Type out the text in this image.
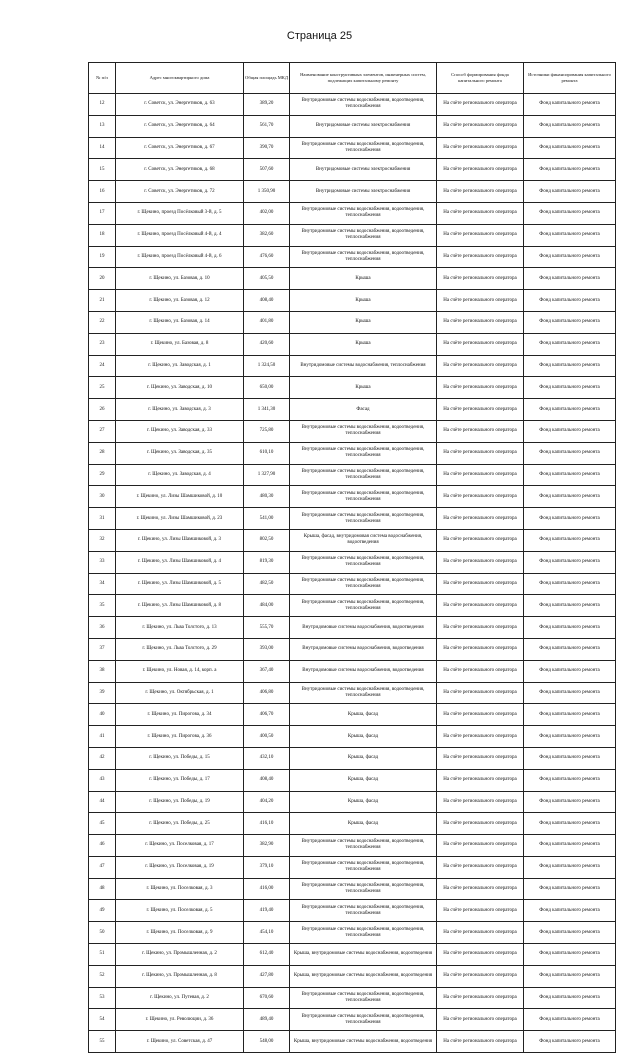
Страница 25
№ п/п	Адрес многоквартирного дома	Общая площадь МКД	Наименование конструктивных элементов, инженерных систем, подлежащих капитальному ремонту	Способ формирования фонда капитального ремонта	Источники финансирования капитального ремонта
12	г. Советск, ул. Энергетиков, д. 63	389,20	Внутридомовые системы водоснабжения, водоотведения, теплоснабжения	На счёте регионального оператора	Фонд капитального ремонта
13	г. Советск, ул. Энергетиков, д. 64	561,70	Внутридомовые системы электроснабжения	На счёте регионального оператора	Фонд капитального ремонта
14	г. Советск, ул. Энергетиков, д. 67	390,70	Внутридомовые системы водоснабжения, водоотведения, теплоснабжения	На счёте регионального оператора	Фонд капитального ремонта
15	г. Советск, ул. Энергетиков, д. 68	507,60	Внутридомовые системы электроснабжения	На счёте регионального оператора	Фонд капитального ремонта
16	г. Советск, ул. Энергетиков, д. 72	1 350,90	Внутридомовые системы электроснабжения	На счёте регионального оператора	Фонд капитального ремонта
17	г. Щекино, проезд Посёлковый 3-й, д. 5	402,00	Внутридомовые системы водоснабжения, водоотведения, теплоснабжения	На счёте регионального оператора	Фонд капитального ремонта
18	г. Щекино, проезд Посёлковый 4-й, д. 4	382,60	Внутридомовые системы водоснабжения, водоотведения, теплоснабжения	На счёте регионального оператора	Фонд капитального ремонта
19	г. Щекино, проезд Посёлковый 4-й, д. 6	476,60	Внутридомовые системы водоснабжения, водоотведения, теплоснабжения	На счёте регионального оператора	Фонд капитального ремонта
20	г. Щекино, ул. Базовая, д. 10	405,50	Крыша	На счёте регионального оператора	Фонд капитального ремонта
21	г. Щекино, ул. Базовая, д. 12	408,40	Крыша	На счёте регионального оператора	Фонд капитального ремонта
22	г. Щекино, ул. Базовая, д. 14	401,80	Крыша	На счёте регионального оператора	Фонд капитального ремонта
23	г. Щекино, ул. Базовая, д. 8	420,60	Крыша	На счёте регионального оператора	Фонд капитального ремонта
24	г. Щекино, ул. Заводская, д. 1	1 324,50	Внутридомовые системы водоснабжения, теплоснабжения	На счёте регионального оператора	Фонд капитального ремонта
25	г. Щекино, ул. Заводская, д. 10	650,00	Крыша	На счёте регионального оператора	Фонд капитального ремонта
26	г. Щекино, ул. Заводская, д. 3	1 341,30	Фасад	На счёте регионального оператора	Фонд капитального ремонта
27	г. Щекино, ул. Заводская, д. 33	725,80	Внутридомовые системы водоснабжения, водоотведения, теплоснабжения	На счёте регионального оператора	Фонд капитального ремонта
28	г. Щекино, ул. Заводская, д. 35	610,10	Внутридомовые системы водоснабжения, водоотведения, теплоснабжения	На счёте регионального оператора	Фонд капитального ремонта
29	г. Щекино, ул. Заводская, д. 4	1 327,90	Внутридомовые системы водоснабжения, водоотведения, теплоснабжения	На счёте регионального оператора	Фонд капитального ремонта
30	г. Щекино, ул. Лизы Шамшиковой, д. 10	480,30	Внутридомовые системы водоснабжения, водоотведения, теплоснабжения	На счёте регионального оператора	Фонд капитального ремонта
31	г. Щекино, ул. Лизы Шамшиковой, д. 23	541,00	Внутридомовые системы водоснабжения, водоотведения, теплоснабжения	На счёте регионального оператора	Фонд капитального ремонта
32	г. Щекино, ул. Лизы Шамшиковой, д. 3	802,50	Крыша, фасад, внутридомовая система водоснабжения, водоотведения	На счёте регионального оператора	Фонд капитального ремонта
33	г. Щекино, ул. Лизы Шамшиковой, д. 4	819,30	Внутридомовые системы водоснабжения, водоотведения, теплоснабжения	На счёте регионального оператора	Фонд капитального ремонта
34	г. Щекино, ул. Лизы Шамшиковой, д. 5	482,50	Внутридомовые системы водоснабжения, водоотведения, теплоснабжения	На счёте регионального оператора	Фонд капитального ремонта
35	г. Щекино, ул. Лизы Шамшиковой, д. 8	484,00	Внутридомовые системы водоснабжения, водоотведения, теплоснабжения	На счёте регионального оператора	Фонд капитального ремонта
36	г. Щекино, ул. Льва Толстого, д. 13	555,70	Внутридомовые системы водоснабжения, водоотведения	На счёте регионального оператора	Фонд капитального ремонта
37	г. Щекино, ул. Льва Толстого, д. 29	393,00	Внутридомовые системы водоснабжения, водоотведения	На счёте регионального оператора	Фонд капитального ремонта
38	г. Щекино, ул. Новая, д. 14, корп. а	367,40	Внутридомовые системы водоснабжения, водоотведения	На счёте регионального оператора	Фонд капитального ремонта
39	г. Щекино, ул. Октябрьская, д. 1	406,80	Внутридомовые системы водоснабжения, водоотведения, теплоснабжения	На счёте регионального оператора	Фонд капитального ремонта
40	г. Щекино, ул. Пирогова, д. 34	406,70	Крыша, фасад	На счёте регионального оператора	Фонд капитального ремонта
41	г. Щекино, ул. Пирогова, д. 36	400,50	Крыша, фасад	На счёте регионального оператора	Фонд капитального ремонта
42	г. Щекино, ул. Победы, д. 15	432,10	Крыша, фасад	На счёте регионального оператора	Фонд капитального ремонта
43	г. Щекино, ул. Победы, д. 17	408,40	Крыша, фасад	На счёте регионального оператора	Фонд капитального ремонта
44	г. Щекино, ул. Победы, д. 19	404,20	Крыша, фасад	На счёте регионального оператора	Фонд капитального ремонта
45	г. Щекино, ул. Победы, д. 25	416,10	Крыша, фасад	На счёте регионального оператора	Фонд капитального ремонта
46	г. Щекино, ул. Поселковая, д. 17	382,90	Внутридомовые системы водоснабжения, водоотведения, теплоснабжения	На счёте регионального оператора	Фонд капитального ремонта
47	г. Щекино, ул. Поселковая, д. 19	379,10	Внутридомовые системы водоснабжения, водоотведения, теплоснабжения	На счёте регионального оператора	Фонд капитального ремонта
48	г. Щекино, ул. Поселковая, д. 3	416,00	Внутридомовые системы водоснабжения, водоотведения, теплоснабжения	На счёте регионального оператора	Фонд капитального ремонта
49	г. Щекино, ул. Поселковая, д. 5	419,40	Внутридомовые системы водоснабжения, водоотведения, теплоснабжения	На счёте регионального оператора	Фонд капитального ремонта
50	г. Щекино, ул. Поселковая, д. 9	454,10	Внутридомовые системы водоснабжения, водоотведения, теплоснабжения	На счёте регионального оператора	Фонд капитального ремонта
51	г. Щекино, ул. Промышленная, д. 2	612,40	Крыша, внутридомовые системы водоснабжения, водоотведения	На счёте регионального оператора	Фонд капитального ремонта
52	г. Щекино, ул. Промышленная, д. 8	427,80	Крыша, внутридомовые системы водоснабжения, водоотведения	На счёте регионального оператора	Фонд капитального ремонта
53	г. Щекино, ул. Путевая, д. 2	670,60	Внутридомовые системы водоснабжения, водоотведения, теплоснабжения	На счёте регионального оператора	Фонд капитального ремонта
54	г. Щекино, ул. Революции, д. 36	489,40	Внутридомовые системы водоснабжения, водоотведения, теплоснабжения	На счёте регионального оператора	Фонд капитального ремонта
55	г. Щекино, ул. Советская, д. 47	548,00	Крыша, внутридомовые системы водоснабжения, водоотведения	На счёте регионального оператора	Фонд капитального ремонта
